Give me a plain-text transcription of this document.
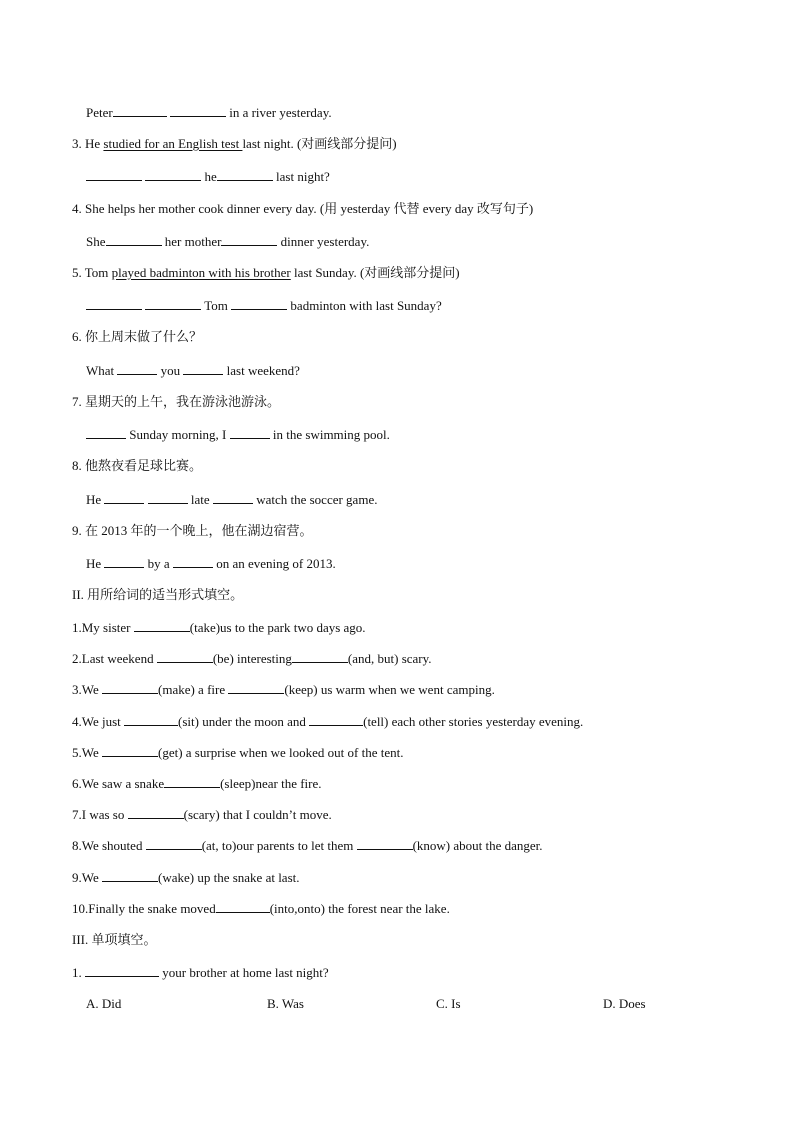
Peter	in a river yesterday.
3. He studied for an English test last night. (对画线部分提问)
he	last night?
4. She helps her mother cook dinner every day. (用 yesterday 代替 every day 改写句子)
She	her mother	dinner yesterday.
5. Tom played badminton with his brother last Sunday. (对画线部分提问)
Tom	badminton with last Sunday?
6. 你上周末做了什么？
What	you	last weekend?
7. 星期天的上午，我在游泳池游泳。
Sunday morning, I	in the swimming pool.
8. 他熬夜看足球比赛。
He	late	watch the soccer game.
9. 在 2013 年的一个晚上，他在湖边宿营。
He	by a	on an evening of 2013.
II. 用所给词的适当形式填空。
1.My sister	(take)us to the park two days ago.
2.Last weekend	(be) interesting	(and, but) scary.
3.We	(make) a fire	(keep) us warm when we went camping.
4.We just	(sit) under the moon and	(tell) each other stories yesterday evening.
5.We	(get) a surprise when we looked out of the tent.
6.We saw a snake	(sleep)near the fire.
7.I was so	(scary) that I couldn’t move.
8.We shouted	(at, to)our parents to let them	(know) about the danger.
9.We	(wake) up the snake at last.
10.Finally the snake moved	(into,onto) the forest near the lake.
III. 单项填空。
1.	your brother at home last night?
A. Did	B. Was	C. Is	D. Does
